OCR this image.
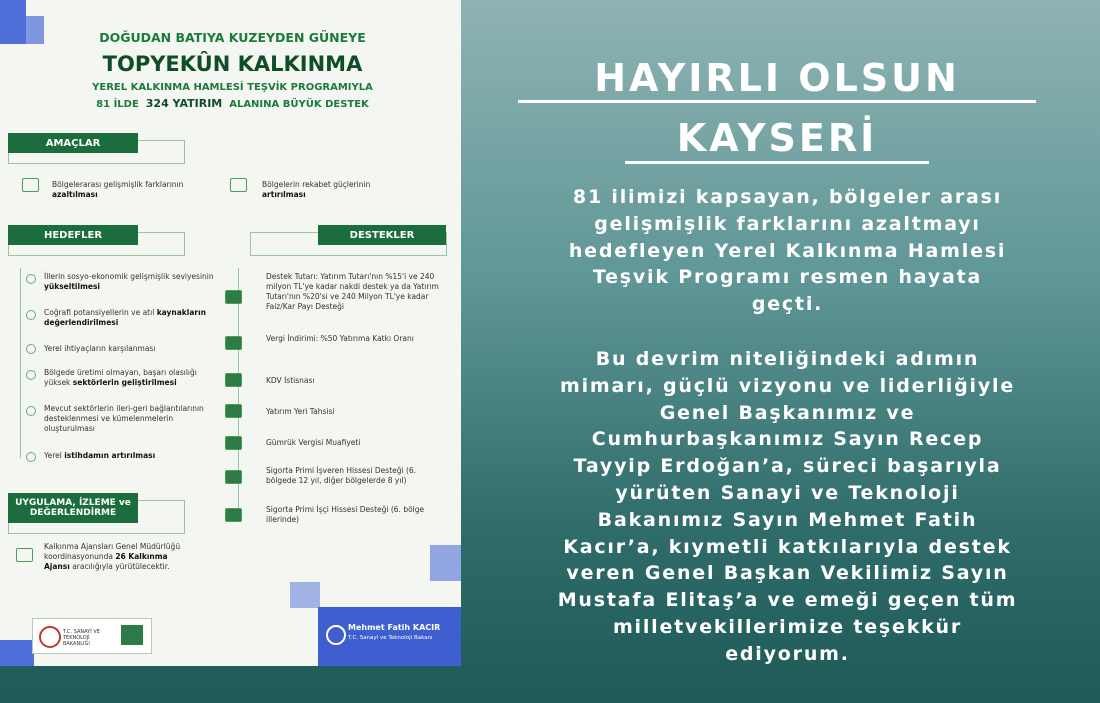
DOĞUDAN BATIYA KUZEYDEN GÜNEYE
TOPYEKÛN KALKINMA
YEREL KALKINMA HAMLESİ TEŞVİK PROGRAMIYLA
81 İLDE 324 YATIRIM ALANINA BÜYÜK DESTEK
AMAÇLAR
Bölgelerarası gelişmişlik farklarının
azaltılması
Bölgelerin rekabet güçlerinin
artırılması
HEDEFLER
İllerin sosyo-ekonomik gelişmişlik seviyesinin yükseltilmesi
Coğrafi potansiyellerin ve atıl kaynakların değerlendirilmesi
Yerel ihtiyaçların karşılanması
Bölgede üretimi olmayan, başarı olasılığı yüksek sektörlerin geliştirilmesi
Mevcut sektörlerin ileri-geri bağlantılarının desteklenmesi ve kümelenmelerin oluşturulması
Yerel istihdamın artırılması
DESTEKLER
Destek Tutarı: Yatırım Tutarı'nın %15'i ve 240 milyon TL'ye kadar nakdi destek ya da Yatırım Tutarı'nın %20'si ve 240 Milyon TL'ye kadar Faiz/Kar Payı Desteği
Vergi İndirimi: %50 Yatırıma Katkı Oranı
KDV İstisnası
Yatırım Yeri Tahsisi
Gümrük Vergisi Muafiyeti
Sigorta Primi İşveren Hissesi Desteği (6. bölgede 12 yıl, diğer bölgelerde 8 yıl)
Sigorta Primi İşçi Hissesi Desteği (6. bölge illerinde)
UYGULAMA, İZLEME ve
DEĞERLENDİRME
Kalkınma Ajansları Genel Müdürlüğü koordinasyonunda 26 Kalkınma Ajansı aracılığıyla yürütülecektir.
T.C. SANAYİ VE TEKNOLOJİ BAKANLIĞI
Mehmet Fatih KACIR
T.C. Sanayi ve Teknoloji Bakanı
HAYIRLI OLSUN
KAYSERİ
81 ilimizi kapsayan, bölgeler arası
gelişmişlik farklarını azaltmayı
hedefleyen Yerel Kalkınma Hamlesi
Teşvik Programı resmen hayata
geçti.
Bu devrim niteliğindeki adımın
mimarı, güçlü vizyonu ve liderliğiyle
Genel Başkanımız ve
Cumhurbaşkanımız Sayın Recep
Tayyip Erdoğan’a, süreci başarıyla
yürüten Sanayi ve Teknoloji
Bakanımız Sayın Mehmet Fatih
Kacır’a, kıymetli katkılarıyla destek
veren Genel Başkan Vekilimiz Sayın
Mustafa Elitaş’a ve emeği geçen tüm
milletvekillerimize teşekkür
ediyorum.
